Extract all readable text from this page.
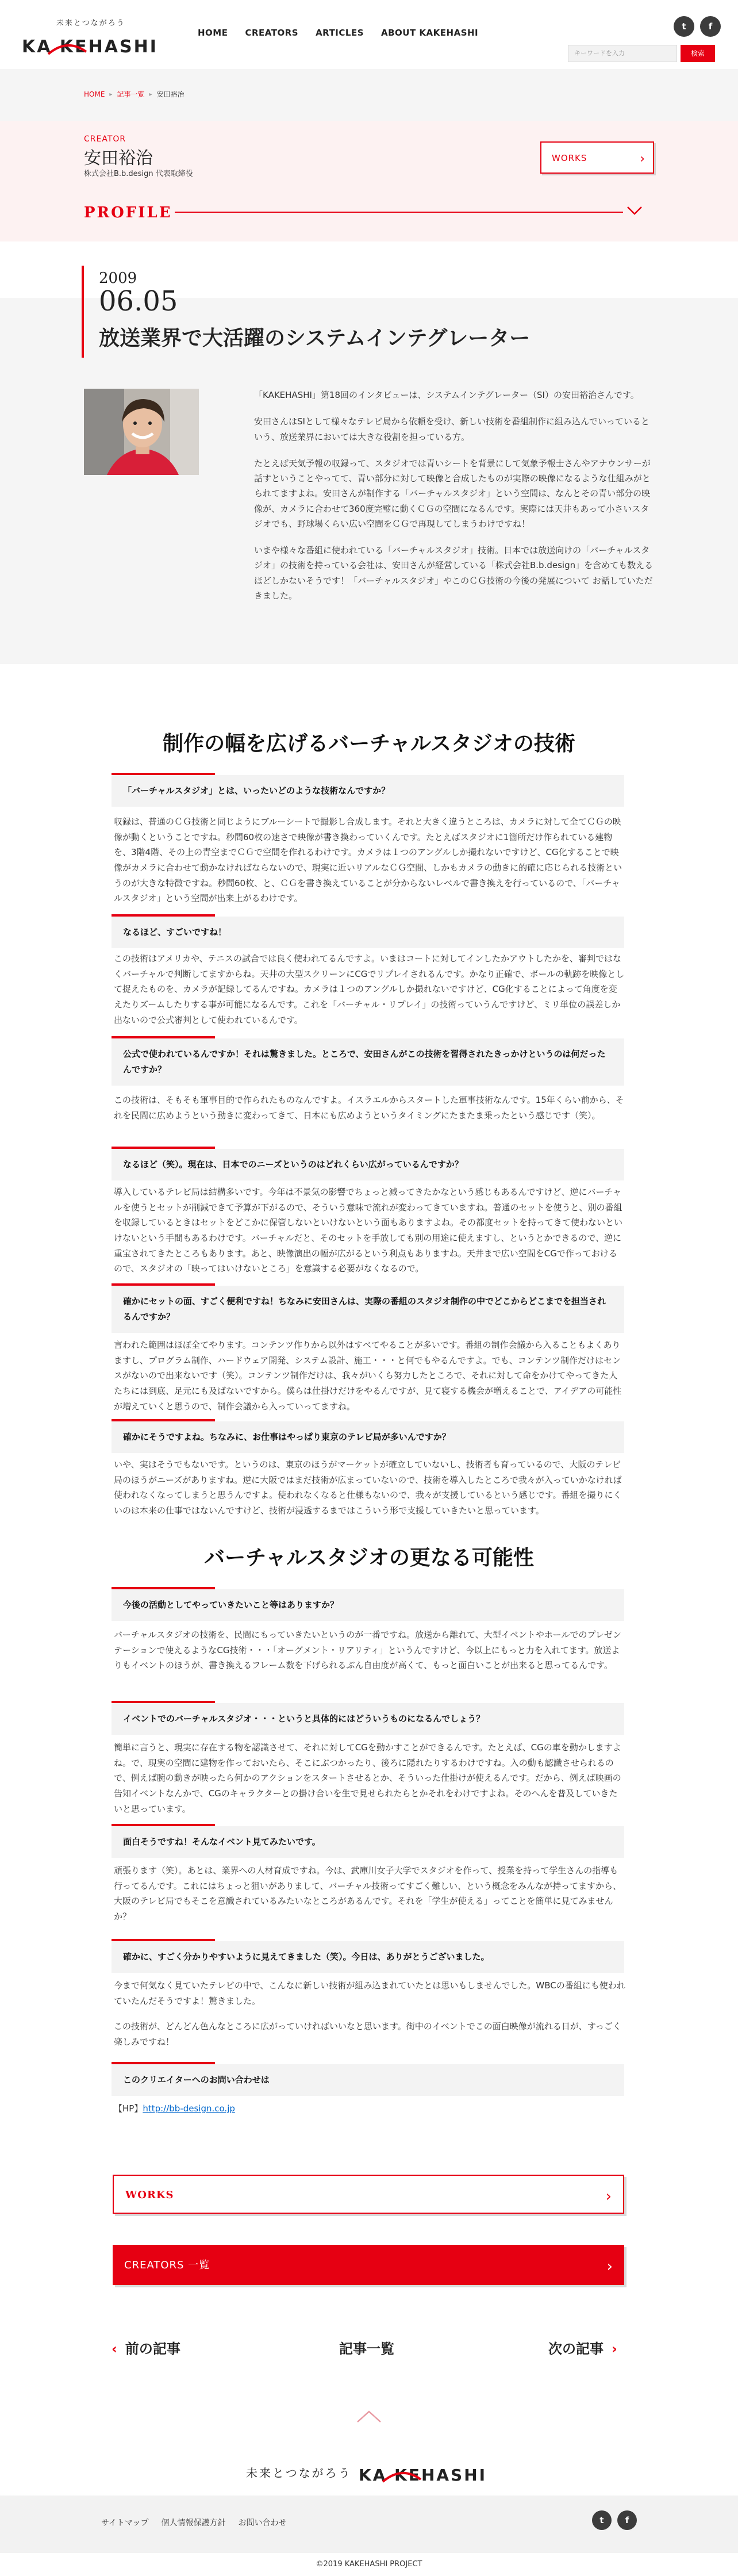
未来とつながろう
KA KEHASHI
HOME CREATORS ARTICLES ABOUT KAKEHASHI
t	f
キーワードを入力	検索
HOME ▸ 記事一覧 ▸ 安田裕治
CREATOR
安田裕治
株式会社B.b.design 代表取締役
WORKS	›
PROFILE
2009
06.05
放送業界で大活躍のシステムインテグレーター

「KAKEHASHI」第18回のインタビューは、システムインテグレーター（SI）の安田裕治さんです。

安田さんはSIとして様々なテレビ局から依頼を受け、新しい技術を番組制作に組み込んでいっているという、放送業界においては大きな役割を担っている方。

たとえば天気予報の収録って、スタジオでは青いシートを背景にして気象予報士さんやアナウンサーが話すということやってて、青い部分に対して映像と合成したものが実際の映像になるような仕組みがとられてますよね。安田さんが制作する「バーチャルスタジオ」という空間は、なんとその青い部分の映像が、カメラに合わせて360度完璧に動くＣＧの空間になるんです。実際には天井もあって小さいスタジオでも、野球場くらい広い空間をＣＧで再現してしまうわけですね！

いまや様々な番組に使われている「バーチャルスタジオ」技術。日本では放送向けの「バーチャルスタジオ」の技術を持っている会社は、安田さんが経営している「株式会社B.b.design」を含めても数えるほどしかないそうです！「バーチャルスタジオ」やこのＣＧ技術の今後の発展について お話していただきました。

制作の幅を広げるバーチャルスタジオの技術
「バーチャルスタジオ」とは、いったいどのような技術なんですか？

収録は、普通のＣＧ技術と同じようにブルーシートで撮影し合成します。それと大きく違うところは、カメラに対して全てＣＧの映像が動くということですね。秒間60枚の速さで映像が書き換わっていくんです。たとえばスタジオに1箇所だけ作られている建物を、3階4階、その上の青空までＣＧで空間を作れるわけです。カメラは１つのアングルしか撮れないですけど、CG化することで映像がカメラに合わせて動かなければならないので、現実に近いリアルなＣＧ空間、しかもカメラの動きに的確に応じられる技術というのが大きな特徴ですね。秒間60枚、と、ＣＧを書き換えていることが分からないレベルで書き換えを行っているので、「バーチャルスタジオ」という空間が出来上がるわけです。

なるほど、すごいですね！

この技術はアメリカや、テニスの試合では良く使われてるんですよ。いまはコートに対してインしたかアウトしたかを、審判ではなくバーチャルで判断してますからね。天井の大型スクリーンにCGでリプレイされるんです。かなり正確で、ボールの軌跡を映像として捉えたものを、カメラが記録してるんですね。カメラは１つのアングルしか撮れないですけど、CG化することによって角度を変えたりズームしたりする事が可能になるんです。これを「バーチャル・リプレイ」の技術っていうんですけど、ミリ単位の誤差しか出ないので公式審判として使われているんです。

公式で使われているんですか！それは驚きました。ところで、安田さんがこの技術を習得されたきっかけというのは何だったんですか？

この技術は、そもそも軍事目的で作られたものなんですよ。イスラエルからスタートした軍事技術なんです。15年くらい前から、それを民間に広めようという動きに変わってきて、日本にも広めようというタイミングにたまたま乗ったという感じです（笑）。

なるほど（笑）。現在は、日本でのニーズというのはどれくらい広がっているんですか？

導入しているテレビ局は結構多いです。今年は不景気の影響でちょっと減ってきたかなという感じもあるんですけど、逆にバーチャルを使うとセットが削減できて予算が下がるので、そういう意味で流れが変わってきていますね。普通のセットを使うと、別の番組を収録しているときはセットをどこかに保管しないといけないという面もありますよね。その都度セットを持ってきて使わないといけないという手間もあるわけです。バーチャルだと、そのセットを手放しても別の用途に使えますし、というとかできるので、逆に重宝されてきたところもあります。あと、映像演出の幅が広がるという利点もありますね。天井まで広い空間をCGで作っておけるので、スタジオの「映ってはいけないところ」を意識する必要がなくなるので。

確かにセットの面、すごく便利ですね！ちなみに安田さんは、実際の番組のスタジオ制作の中でどこからどこまでを担当されるんですか？

言われた範囲はほぼ全てやります。コンテンツ作りから以外はすべてやることが多いです。番組の制作会議から入ることもよくありますし、プログラム制作、ハードウェア開発、システム設計、施工・・・と何でもやるんですよ。でも、コンテンツ制作だけはセンスがないので出来ないです（笑）。コンテンツ制作だけは、我々がいくら努力したところで、それに対して命をかけてやってきた人たちには到底、足元にも及ばないですから。僕らは仕掛けだけをやるんですが、見て寝する機会が増えることで、アイデアの可能性が増えていくと思うので、制作会議から入っていってますね。

確かにそうですよね。ちなみに、お仕事はやっぱり東京のテレビ局が多いんですか？

いや、実はそうでもないです。というのは、東京のほうがマーケットが確立していないし、技術者も育っているので、大阪のテレビ局のほうがニーズがありますね。逆に大阪ではまだ技術が広まっていないので、技術を導入したところで我々が入っていかなければ使われなくなってしまうと思うんですよ。使われなくなると仕様もないので、我々が支援しているという感じです。番組を撮りにくいのは本来の仕事ではないんですけど、技術が浸透するまではこういう形で支援していきたいと思っています。

バーチャルスタジオの更なる可能性
今後の活動としてやっていきたいこと等はありますか？

バーチャルスタジオの技術を、民間にもっていきたいというのが一番ですね。放送から離れて、大型イベントやホールでのプレゼンテーションで使えるようなCG技術・・・「オーグメント・リアリティ」というんですけど、今以上にもっと力を入れてます。放送よりもイベントのほうが、書き換えるフレーム数を下げられるぶん自由度が高くて、もっと面白いことが出来ると思ってるんです。

イベントでのバーチャルスタジオ・・・というと具体的にはどういうものになるんでしょう？

簡単に言うと、現実に存在する物を認識させて、それに対してCGを動かすことができるんです。たとえば、CGの車を動かしますよね。で、現実の空間に建物を作っておいたら、そこにぶつかったり、後ろに隠れたりするわけですね。入の動も認識させられるので、例えば腕の動きが映ったら何かのアクションをスタートさせるとか、そういった仕掛けが使えるんです。だから、例えば映画の告知イベントなんかで、CGのキャラクターとの掛け合いを生で見せられたらとかそれをわけですよね。そのへんを普及していきたいと思っています。

面白そうですね！そんなイベント見てみたいです。

頑張ります（笑）。あとは、業界への人材育成ですね。今は、武庫川女子大学でスタジオを作って、授業を持って学生さんの指導も行ってるんです。これにはちょっと狙いがありまして、バーチャル技術ってすごく難しい、という概念をみんなが持ってますから、大阪のテレビ局でもそこを意識されているみたいなところがあるんです。それを「学生が使える」ってことを簡単に見てみませんか？

確かに、すごく分かりやすいように見えてきました（笑）。今日は、ありがとうございました。

今まで何気なく見ていたテレビの中で、こんなに新しい技術が組み込まれていたとは思いもしませんでした。WBCの番組にも使われていたんだそうですよ！驚きました。

この技術が、どんどん色んなところに広がっていければいいなと思います。街中のイベントでこの面白映像が流れる日が、すっごく楽しみですね！

このクリエイターへのお問い合わせは

【HP】http://bb-design.co.jp

WORKS	›
CREATORS 一覧	›
‹ 前の記事	記事一覧	次の記事 ›
未来とつながろう KA KEHASHI
サイトマップ 個人情報保護方針 お問い合わせ	t	f
©2019 KAKEHASHI PROJECT
